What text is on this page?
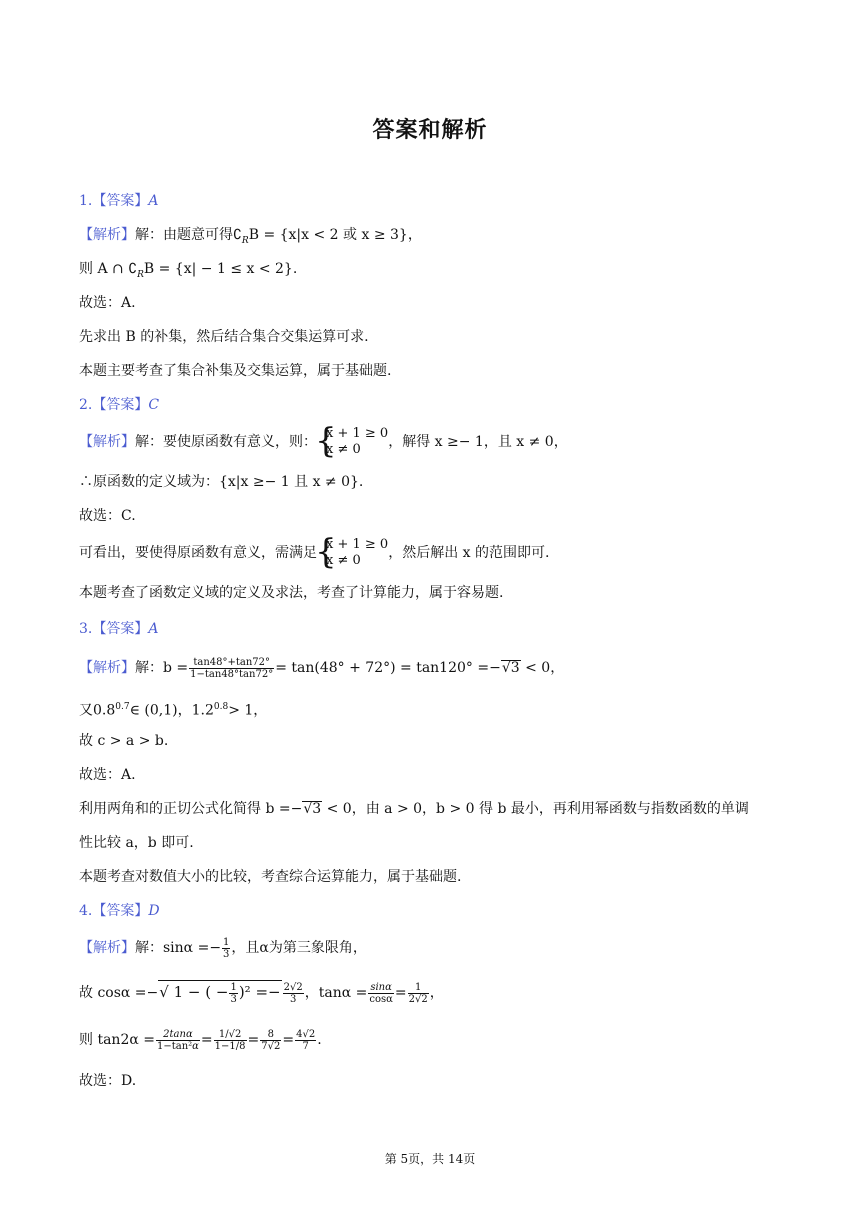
答案和解析
1.【答案】A
【解析】解：由题意可得$∁_RB = \{x|x < 2$ 或 x ≥ 3}，
则 A ∩ $∁_RB = \{x| - 1 \le x < 2\}$.
故选：A.
先求出 B 的补集，然后结合集合交集运算可求.
本题主要考查了集合补集及交集运算，属于基础题.
2.【答案】C
【解析】解：要使原函数有意义，则：
{ x + 1 ≥ 0
x ≠ 0	，解得 x ≥− 1，且 x ≠ 0，
∴原函数的定义域为：{x|x ≥− 1 且 x ≠ 0}.
故选：C.
可看出，要使得原函数有意义，需满足
{ x + 1 ≥ 0
x ≠ 0	，然后解出 x 的范围即可.
本题考查了函数定义域的定义及求法，考查了计算能力，属于容易题.
3.【答案】A
【解析】解：$b = \frac{\tan 48^\circ+\tan 72^\circ}{1-\tan 48^\circ\tan 72^\circ} = \tan(48^\circ + 72^\circ) = \tan 120^\circ =-√3 < 0$，
又$0.8^{0.7}\in$ (0,1)，$1.2^{0.8}> 1$，
故 c > a > b.
故选：A.
利用两角和的正切公式化简得 b =−√3 < 0，由 a > 0，b > 0 得 b 最小，再利用幂函数与指数函数的单调
性比较 a，b 即可.
本题考查对数值大小的比较，考查综合运算能力，属于基础题.
4.【答案】D
【解析】解：$\sin\alpha =- \frac{1}{3}$ ，且α为第三象限角，
故 cosα =−√ 1 − ( − $\frac{1}{3} )^2 =- \frac{2√2}{3}$ ，$\tan\alpha = \frac{\sin\alpha}{\cos\alpha} = \frac{1}{2√2}$ ，
则 $\tan 2\alpha = \frac{2\tan\alpha}{\text{1−tan²α}} = \frac{1/√2}{1-1/8} = \frac{8}{7√2} = \frac{4√2}{7}$ .
故选：D.
第 5页，共 14页
